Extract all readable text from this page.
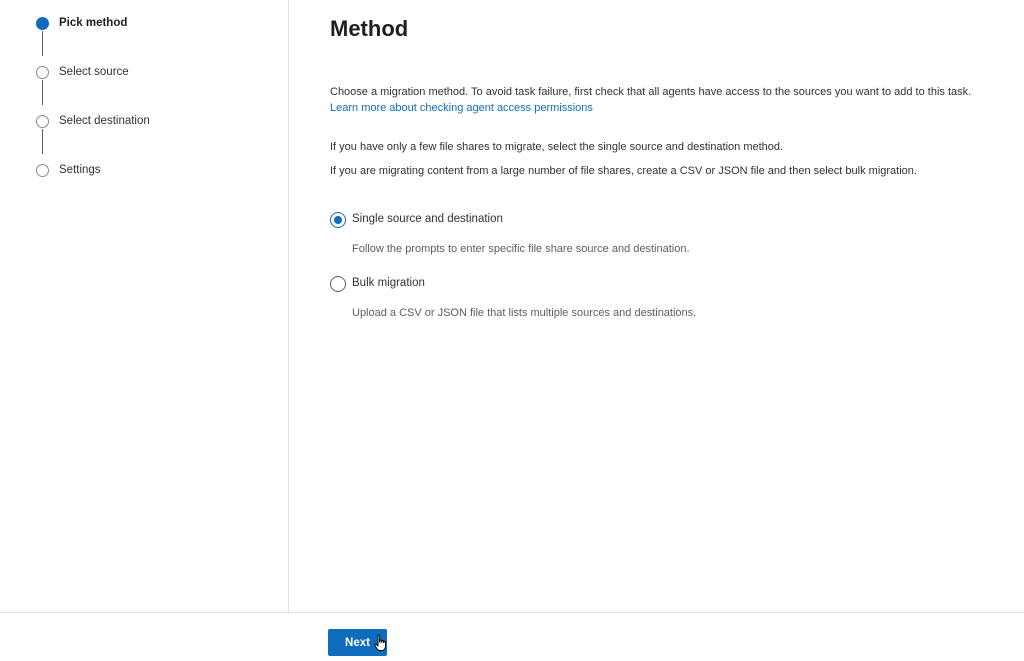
Pick method
Select source
Select destination
Settings
Method

Choose a migration method. To avoid task failure, first check that all agents have access to the sources you want to add to this task.

Learn more about checking agent access permissions

If you have only a few file shares to migrate, select the single source and destination method.

If you are migrating content from a large number of file shares, create a CSV or JSON file and then select bulk migration.

Single source and destination

Follow the prompts to enter specific file share source and destination.

Bulk migration

Upload a CSV or JSON file that lists multiple sources and destinations.

Next
